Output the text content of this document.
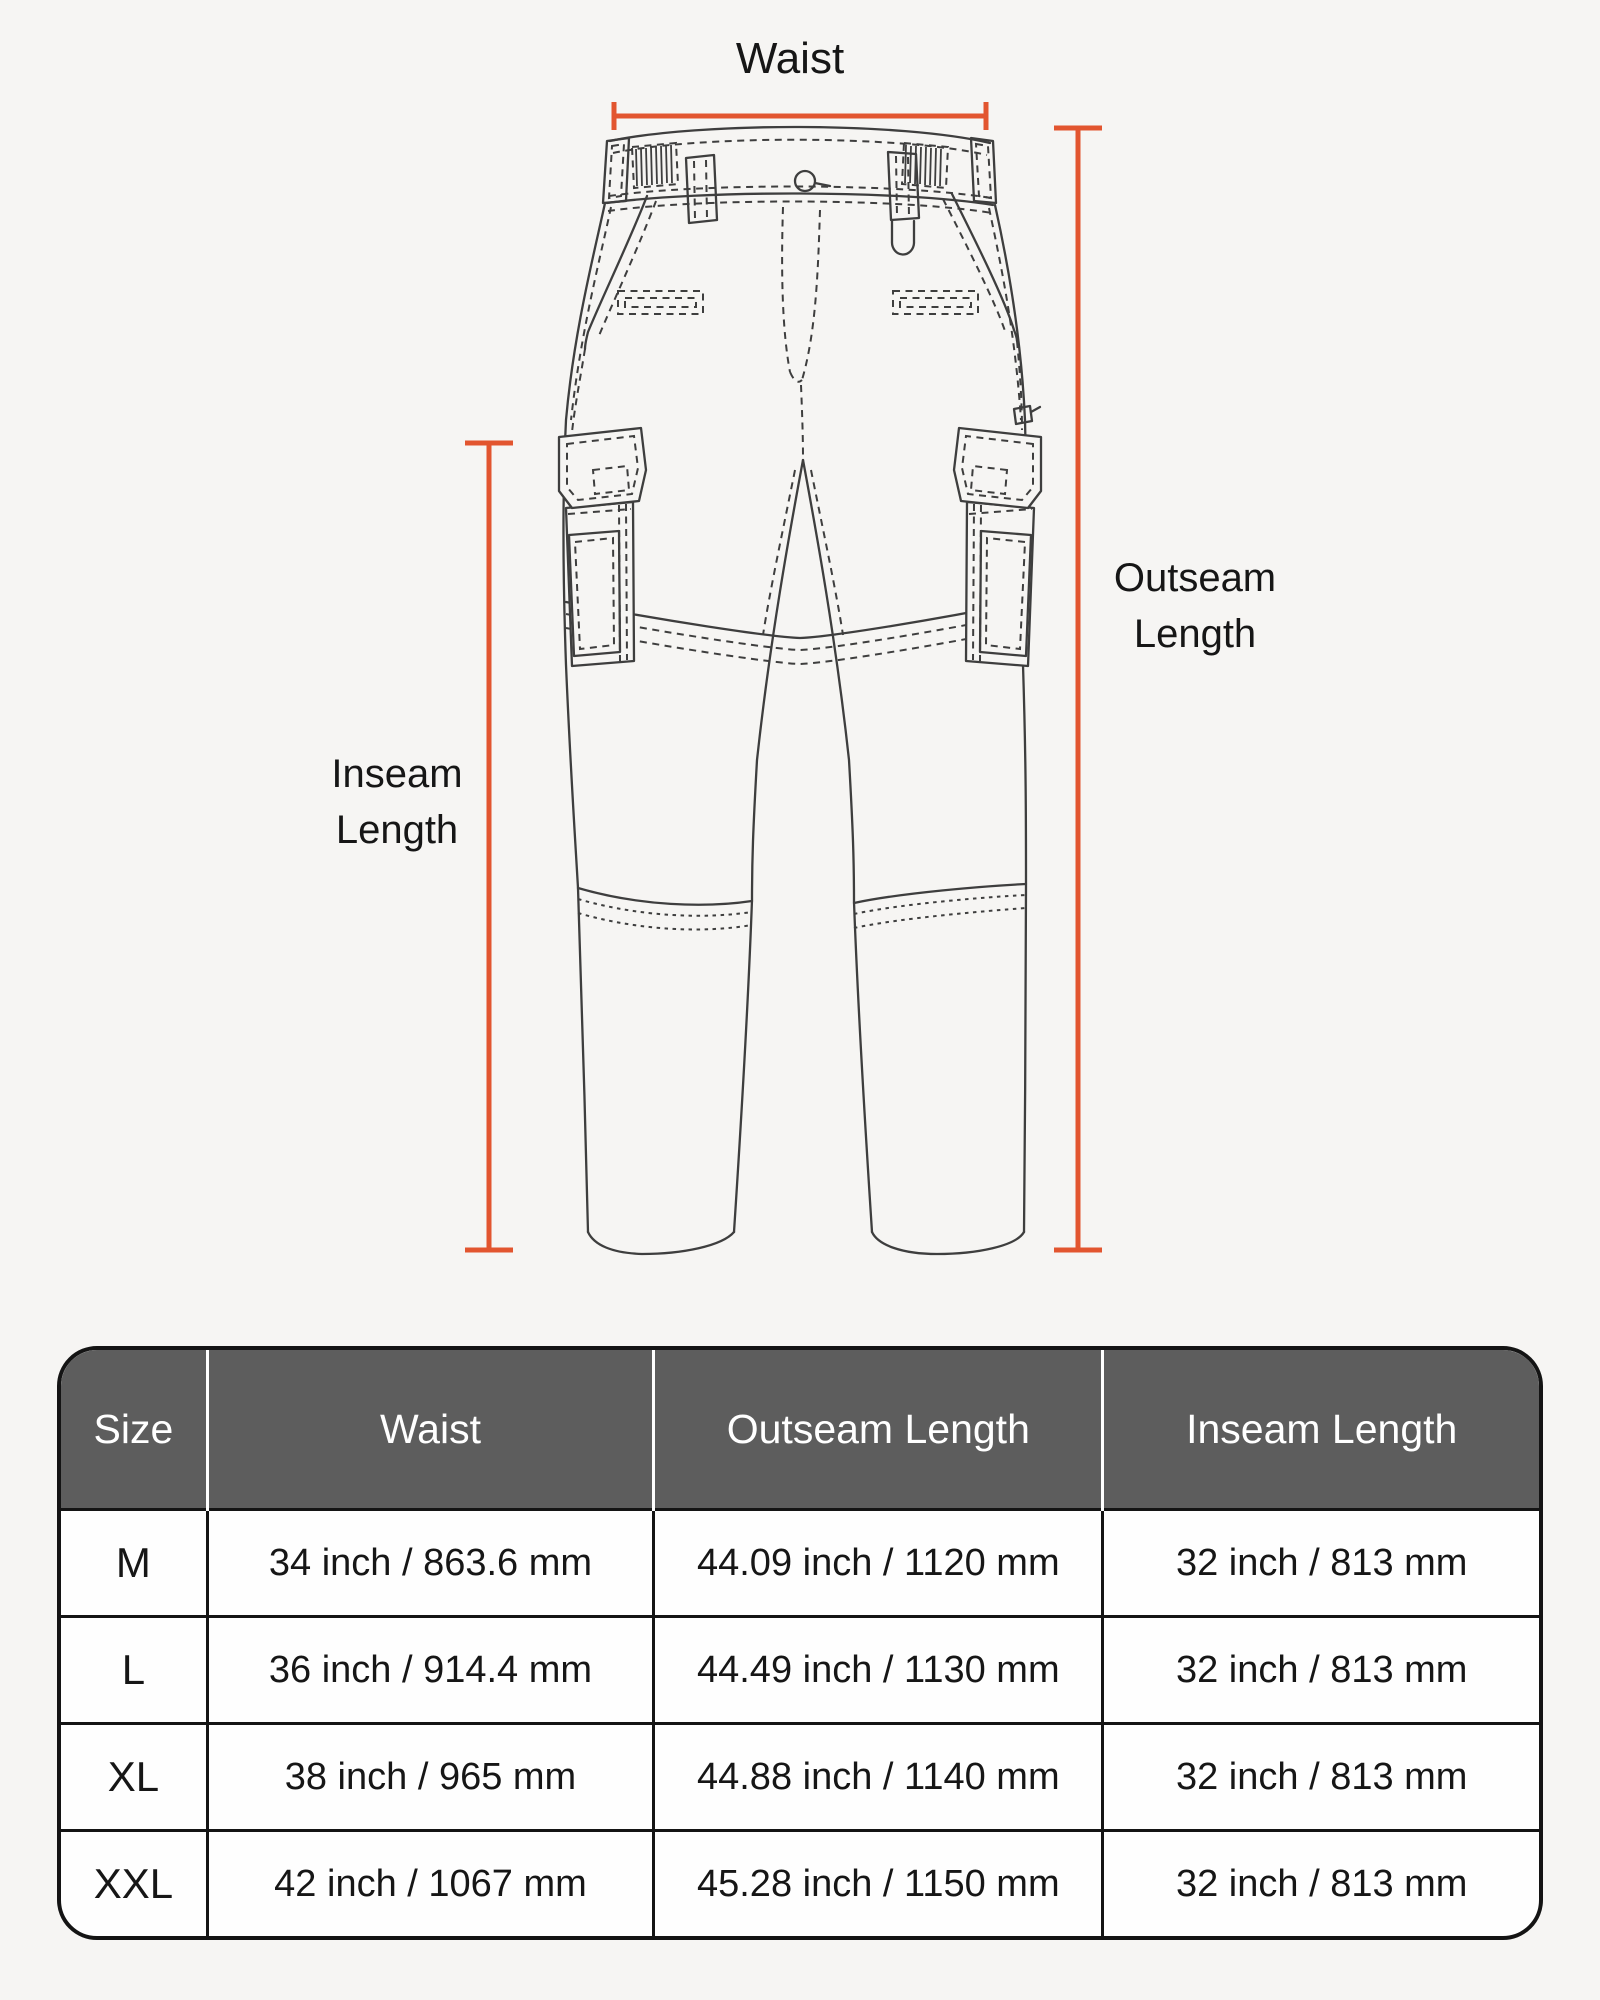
Waist
Outseam Length
Inseam Length
Size	Waist	Outseam Length	Inseam Length
M	34 inch / 863.6 mm	44.09 inch / 1120 mm	32 inch / 813 mm
L	36 inch / 914.4 mm	44.49 inch / 1130 mm	32 inch / 813 mm
XL	38 inch / 965 mm	44.88 inch / 1140 mm	32 inch / 813 mm
XXL	42 inch / 1067 mm	45.28 inch / 1150 mm	32 inch / 813 mm
